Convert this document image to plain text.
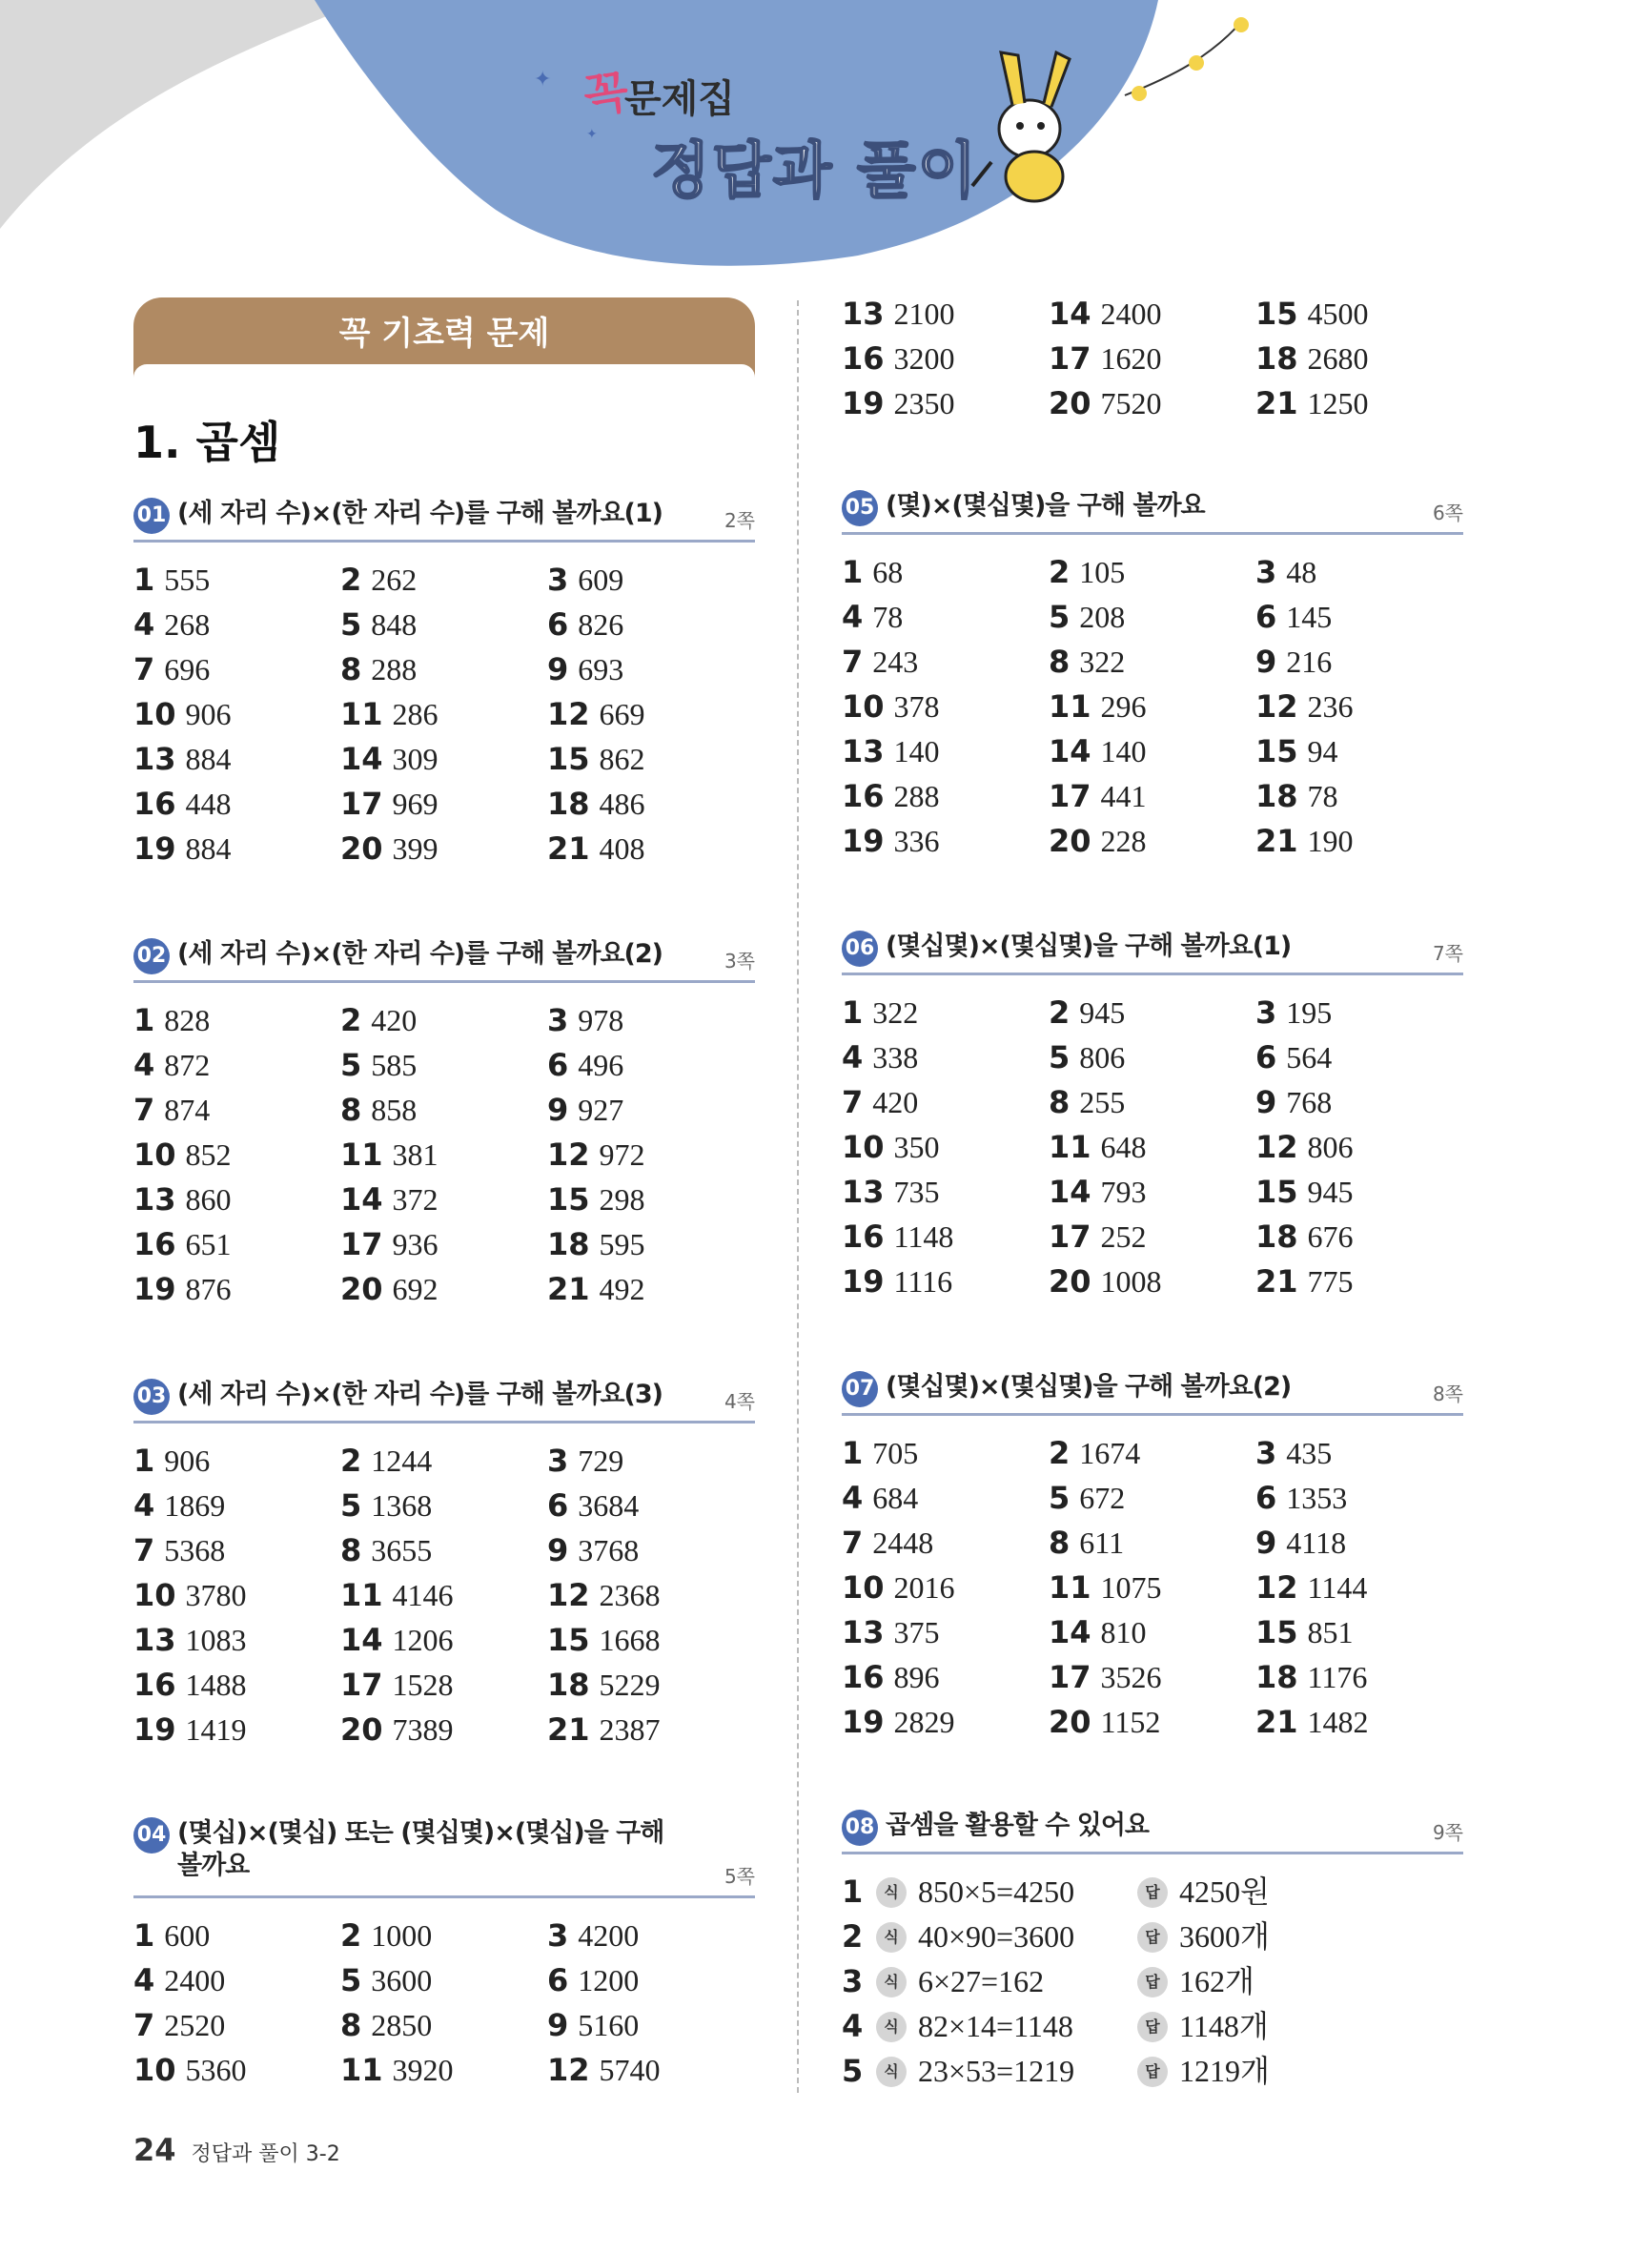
✦
✦
꼭
문제집
정답과 풀이
꼭 기초력 문제
1. 곱셈
01 (세 자리 수)×(한 자리 수)를 구해 볼까요(1)	2쪽
1 555	2 262	3 609
4 268	5 848	6 826
7 696	8 288	9 693
10 906	11 286	12 669
13 884	14 309	15 862
16 448	17 969	18 486
19 884	20 399	21 408
02 (세 자리 수)×(한 자리 수)를 구해 볼까요(2)	3쪽
1 828	2 420	3 978
4 872	5 585	6 496
7 874	8 858	9 927
10 852	11 381	12 972
13 860	14 372	15 298
16 651	17 936	18 595
19 876	20 692	21 492
03 (세 자리 수)×(한 자리 수)를 구해 볼까요(3)	4쪽
1 906	2 1244	3 729
4 1869	5 1368	6 3684
7 5368	8 3655	9 3768
10 3780	11 4146	12 2368
13 1083	14 1206	15 1668
16 1488	17 1528	18 5229
19 1419	20 7389	21 2387
04 (몇십)×(몇십) 또는 (몇십몇)×(몇십)을 구해 볼까요	5쪽
1 600	2 1000	3 4200
4 2400	5 3600	6 1200
7 2520	8 2850	9 5160
10 5360	11 3920	12 5740
13 2100	14 2400	15 4500
16 3200	17 1620	18 2680
19 2350	20 7520	21 1250
05 (몇)×(몇십몇)을 구해 볼까요	6쪽
1 68	2 105	3 48
4 78	5 208	6 145
7 243	8 322	9 216
10 378	11 296	12 236
13 140	14 140	15 94
16 288	17 441	18 78
19 336	20 228	21 190
06 (몇십몇)×(몇십몇)을 구해 볼까요(1)	7쪽
1 322	2 945	3 195
4 338	5 806	6 564
7 420	8 255	9 768
10 350	11 648	12 806
13 735	14 793	15 945
16 1148	17 252	18 676
19 1116	20 1008	21 775
07 (몇십몇)×(몇십몇)을 구해 볼까요(2)	8쪽
1 705	2 1674	3 435
4 684	5 672	6 1353
7 2448	8 611	9 4118
10 2016	11 1075	12 1144
13 375	14 810	15 851
16 896	17 3526	18 1176
19 2829	20 1152	21 1482
08 곱셈을 활용할 수 있어요	9쪽
1	식 850×5=4250	답 4250원
2	식 40×90=3600	답 3600개
3	식 6×27=162	답 162개
4	식 82×14=1148	답 1148개
5	식 23×53=1219	답 1219개
24 정답과 풀이 3-2
